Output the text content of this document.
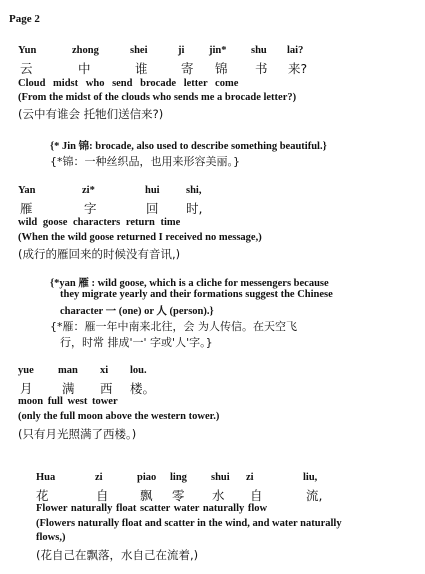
Page 2
Yun	zhong	shei	ji jin* shu lai?
云	中	谁	寄 锦 书 来?
Cloud midst who send brocade letter come
(From the midst of the clouds who sends me a brocade letter?)
(云中有谁会 托牠们送信来?)
{* Jin 锦: brocade, also used to describe something beautiful.}
{*锦：一种丝织品，也用来形容美丽。}
Yan	zi*	hui	shi,
雁	字	回 时,
wild goose characters return time
(When the wild goose returned I received no message,)
(成行的雁回来的时候没有音讯,)
{*yan 雁 : wild goose, which is a cliche for messengers because
they migrate yearly and their formations suggest the Chinese
character 一 (one) or 人 (person).}
{*雁：雁一年中南来北往，会 为人传信。在天空飞
行，时常 排成'一' 字或'人'字。}
yue man xi lou.
月 满 西 楼。
moon full west tower
(only the full moon above the western tower.)
(只有月光照满了西楼。)
Hua	zi	piao ling shui zi	liu,
花	自	飘 零 水 自	流,
Flower naturally float scatter water naturally flow
(Flowers naturally float and scatter in the wind, and water naturally
flows,)
(花自己在飘落，水自己在流着,)
